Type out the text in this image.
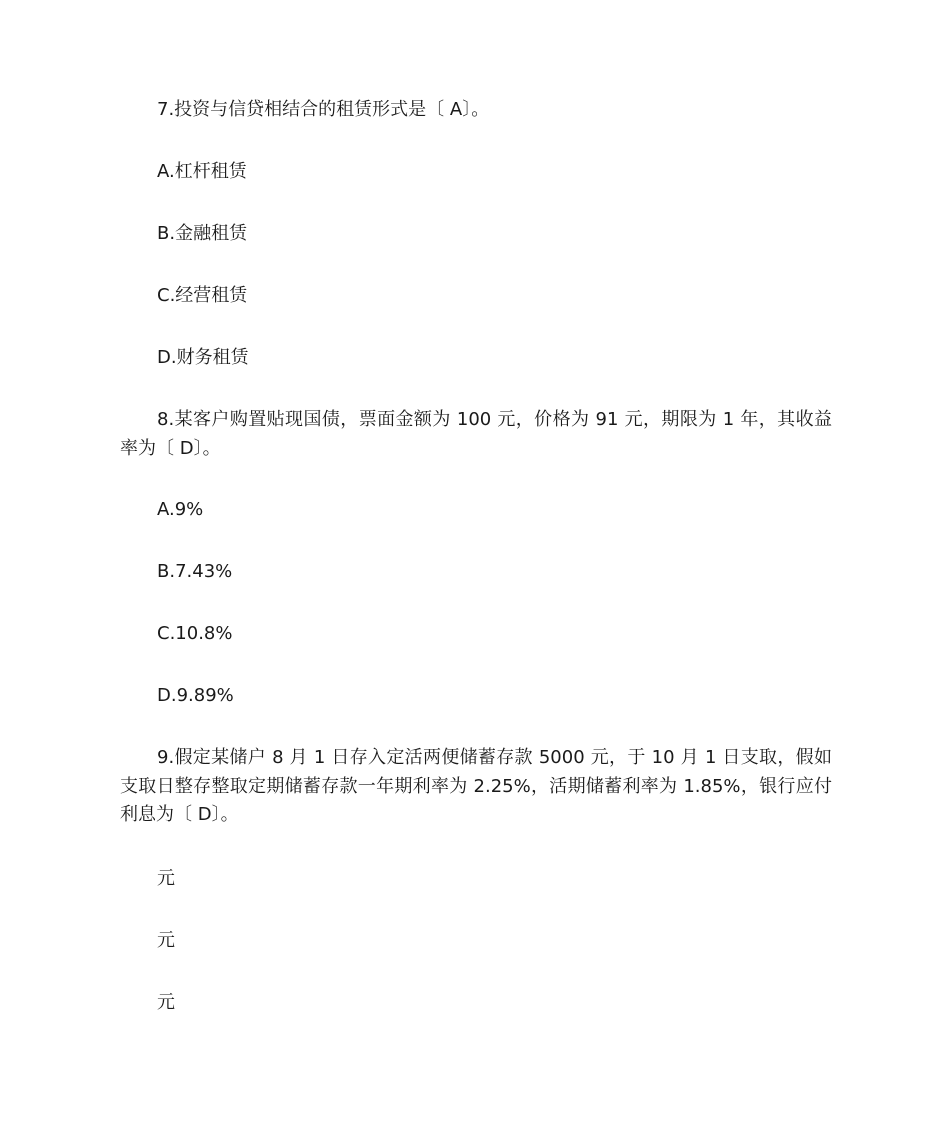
7.投资与信贷相结合的租赁形式是〔 A〕。

A.杠杆租赁

B.金融租赁

C.经营租赁

D.财务租赁

8.某客户购置贴现国债，票面金额为 100 元，价格为 91 元，期限为 1 年，其收益率为〔 D〕。

A.9%

B.7.43%

C.10.8%

D.9.89%

9.假定某储户 8 月 1 日存入定活两便储蓄存款 5000 元，于 10 月 1 日支取，假如支取日整存整取定期储蓄存款一年期利率为 2.25%，活期储蓄利率为 1.85%，银行应付利息为〔 D〕。

元

元

元
